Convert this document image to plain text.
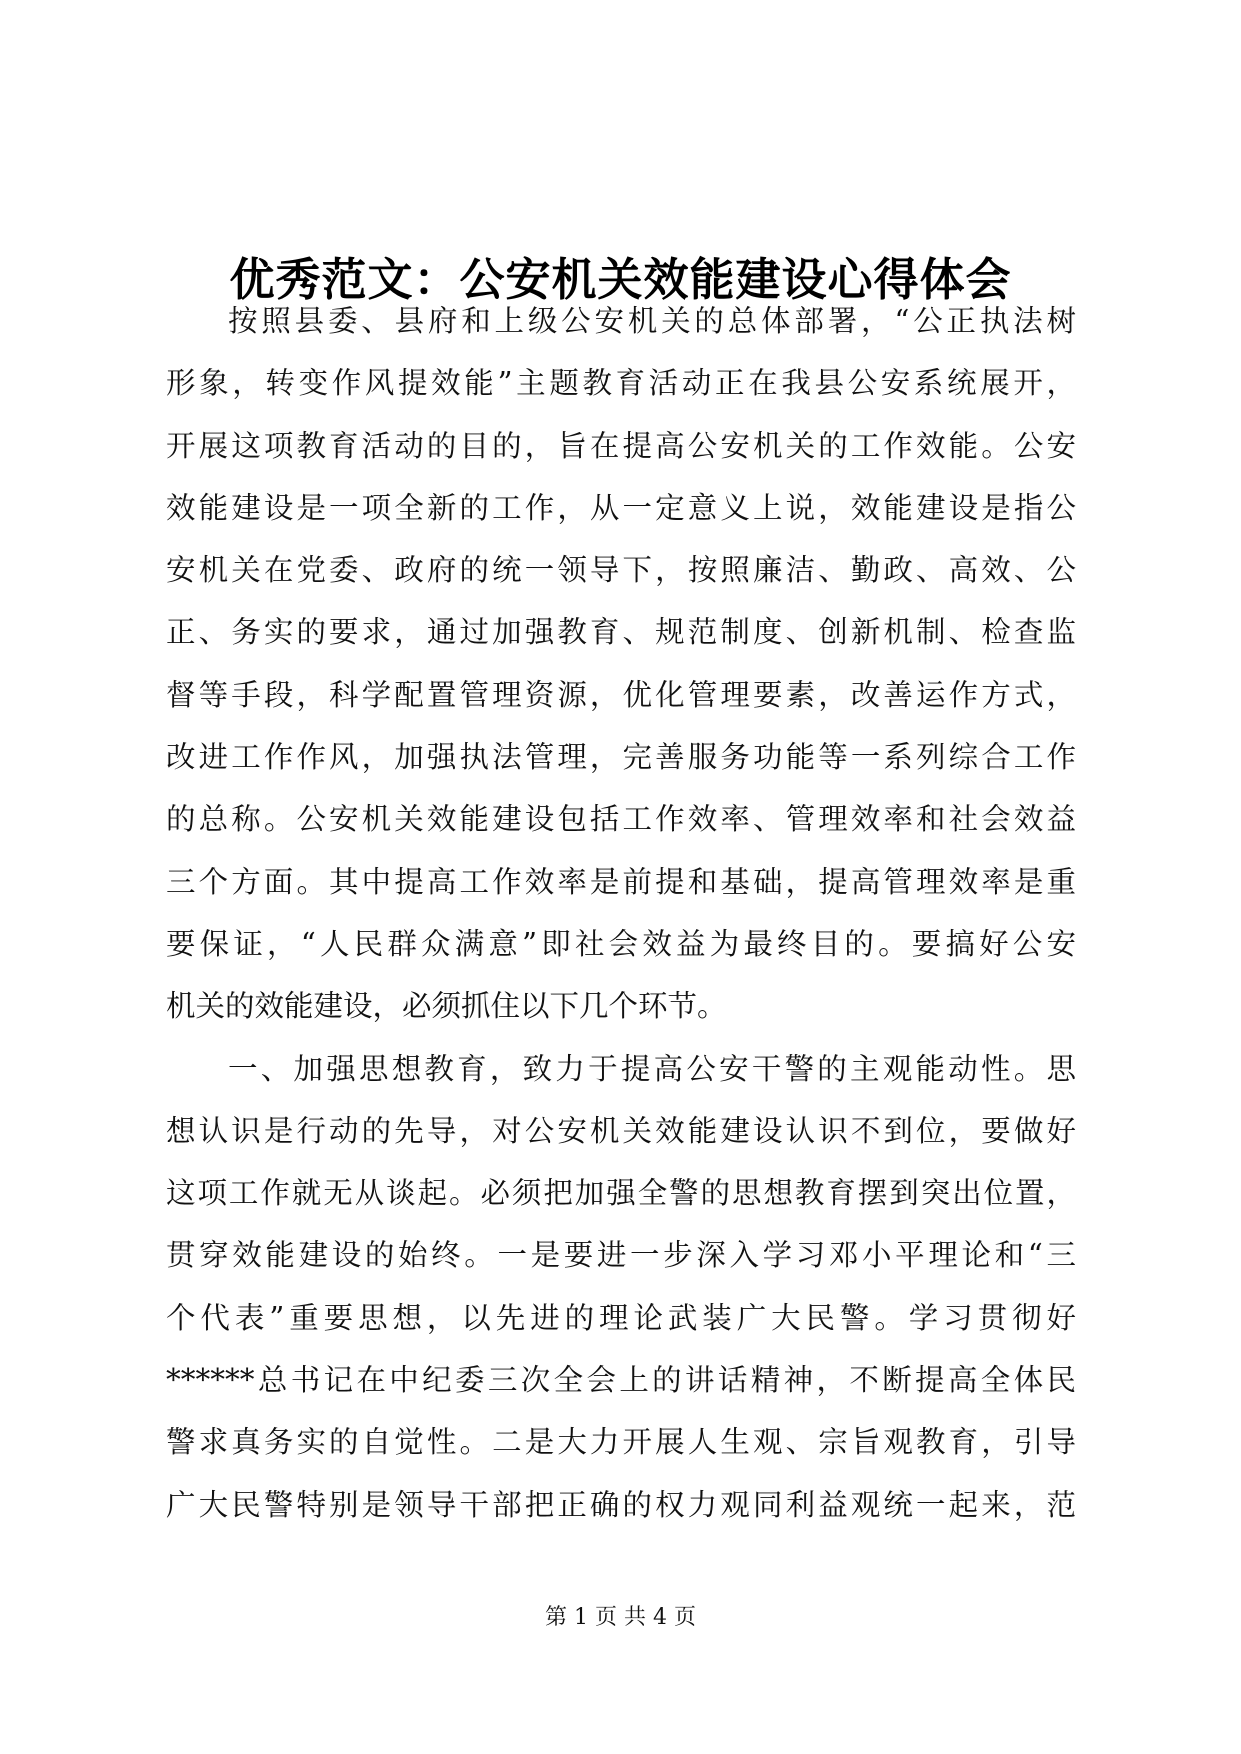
优秀范文：公安机关效能建设心得体会
按照县委、县府和上级公安机关的总体部署，“公正执法树
形象，转变作风提效能”主题教育活动正在我县公安系统展开，
开展这项教育活动的目的，旨在提高公安机关的工作效能。公安
效能建设是一项全新的工作，从一定意义上说，效能建设是指公
安机关在党委、政府的统一领导下，按照廉洁、勤政、高效、公
正、务实的要求，通过加强教育、规范制度、创新机制、检查监
督等手段，科学配置管理资源，优化管理要素，改善运作方式，
改进工作作风，加强执法管理，完善服务功能等一系列综合工作
的总称。公安机关效能建设包括工作效率、管理效率和社会效益
三个方面。其中提高工作效率是前提和基础，提高管理效率是重
要保证，“人民群众满意”即社会效益为最终目的。要搞好公安
机关的效能建设，必须抓住以下几个环节。
一、加强思想教育，致力于提高公安干警的主观能动性。思
想认识是行动的先导，对公安机关效能建设认识不到位，要做好
这项工作就无从谈起。必须把加强全警的思想教育摆到突出位置，
贯穿效能建设的始终。一是要进一步深入学习邓小平理论和“三
个代表”重要思想，以先进的理论武装广大民警。学习贯彻好
******总书记在中纪委三次全会上的讲话精神，不断提高全体民
警求真务实的自觉性。二是大力开展人生观、宗旨观教育，引导
广大民警特别是领导干部把正确的权力观同利益观统一起来，范
第 1 页 共 4 页
